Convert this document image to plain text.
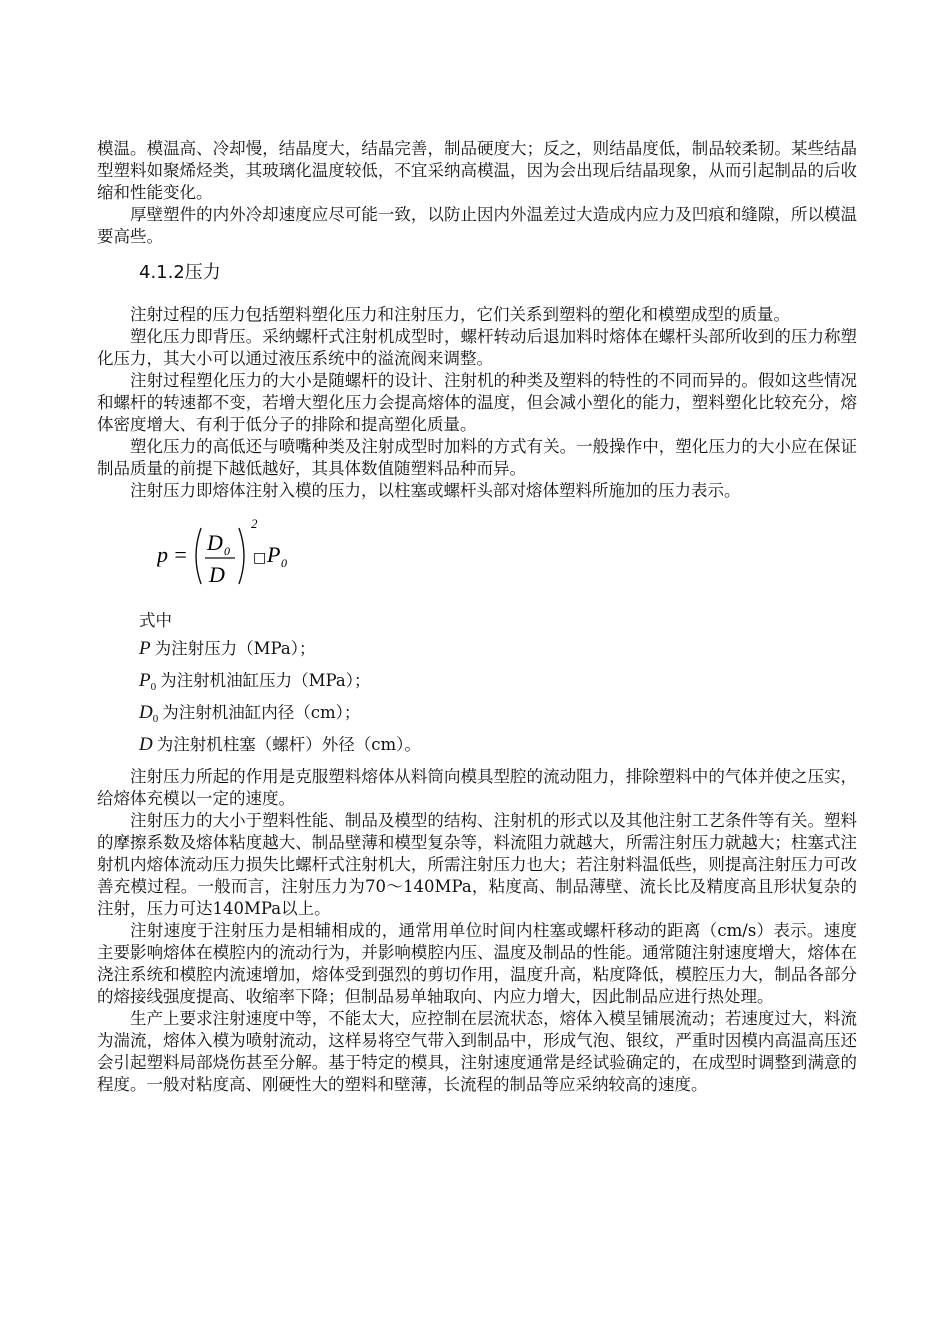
模温。模温高、冷却慢，结晶度大，结晶完善，制品硬度大；反之，则结晶度低，制品较柔韧。某些结晶型塑料如聚烯烃类，其玻璃化温度较低，不宜采纳高模温，因为会出现后结晶现象，从而引起制品的后收缩和性能变化。

厚壁塑件的内外冷却速度应尽可能一致，以防止因内外温差过大造成内应力及凹痕和缝隙，所以模温要高些。

4.1.2压力

注射过程的压力包括塑料塑化压力和注射压力，它们关系到塑料的塑化和模塑成型的质量。

塑化压力即背压。采纳螺杆式注射机成型时，螺杆转动后退加料时熔体在螺杆头部所收到的压力称塑化压力，其大小可以通过液压系统中的溢流阀来调整。

注射过程塑化压力的大小是随螺杆的设计、注射机的种类及塑料的特性的不同而异的。假如这些情况和螺杆的转速都不变，若增大塑化压力会提高熔体的温度，但会减小塑化的能力，塑料塑化比较充分，熔体密度增大、有利于低分子的排除和提高塑化质量。

塑化压力的高低还与喷嘴种类及注射成型时加料的方式有关。一般操作中，塑化压力的大小应在保证制品质量的前提下越低越好，其具体数值随塑料品种而异。

注射压力即熔体注射入模的压力，以柱塞或螺杆头部对熔体塑料所施加的压力表示。

p = D 0
D
2
□ P 0
式中
P 为注射压力（MPa）；
$P_0$ 为注射机油缸压力（MPa）；
$D_0$ 为注射机油缸内径（cm）；
D 为注射机柱塞（螺杆）外径（cm）。

注射压力所起的作用是克服塑料熔体从料筒向模具型腔的流动阻力，排除塑料中的气体并使之压实，给熔体充模以一定的速度。

注射压力的大小于塑料性能、制品及模型的结构、注射机的形式以及其他注射工艺条件等有关。塑料的摩擦系数及熔体粘度越大、制品壁薄和模型复杂等，料流阻力就越大，所需注射压力就越大；柱塞式注射机内熔体流动压力损失比螺杆式注射机大，所需注射压力也大；若注射料温低些，则提高注射压力可改善充模过程。一般而言，注射压力为70～140MPa，粘度高、制品薄壁、流长比及精度高且形状复杂的注射，压力可达140MPa以上。

注射速度于注射压力是相辅相成的，通常用单位时间内柱塞或螺杆移动的距离（cm/s）表示。速度主要影响熔体在模腔内的流动行为，并影响模腔内压、温度及制品的性能。通常随注射速度增大，熔体在浇注系统和模腔内流速增加，熔体受到强烈的剪切作用，温度升高，粘度降低，模腔压力大，制品各部分的熔接线强度提高、收缩率下降；但制品易单轴取向、内应力增大，因此制品应进行热处理。

生产上要求注射速度中等，不能太大，应控制在层流状态，熔体入模呈铺展流动；若速度过大，料流为湍流，熔体入模为喷射流动，这样易将空气带入到制品中，形成气泡、银纹，严重时因模内高温高压还会引起塑料局部烧伤甚至分解。基于特定的模具，注射速度通常是经试验确定的，在成型时调整到满意的程度。一般对粘度高、刚硬性大的塑料和壁薄，长流程的制品等应采纳较高的速度。
